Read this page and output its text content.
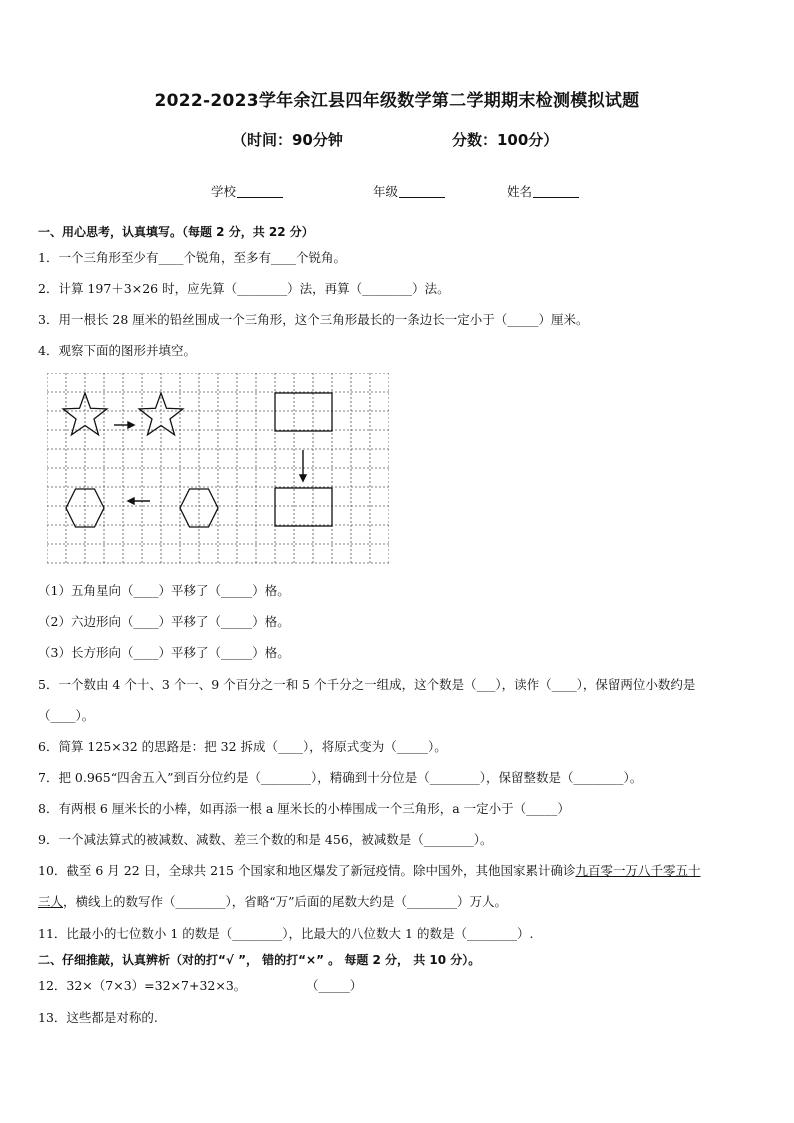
2022-2023学年余江县四年级数学第二学期期末检测模拟试题
（时间：90分钟	分数：100分）
学校	年级	姓名
一、用心思考，认真填写。（每题 2 分，共 22 分）
1．一个三角形至少有____个锐角，至多有____个锐角。
2．计算 197＋3×26 时，应先算（________）法，再算（________）法。
3．用一根长 28 厘米的铅丝围成一个三角形，这个三角形最长的一条边长一定小于（_____）厘米。
4．观察下面的图形并填空。
（1）五角星向（____）平移了（_____）格。
（2）六边形向（____）平移了（_____）格。
（3）长方形向（____）平移了（_____）格。
5．一个数由 4 个十、3 个一、9 个百分之一和 5 个千分之一组成，这个数是（___），读作（____），保留两位小数约是
（____）。
6．简算 125×32 的思路是：把 32 拆成（____），将原式变为（_____）。
7．把 0.965“四舍五入”到百分位约是（________），精确到十分位是（________），保留整数是（________）。
8．有两根 6 厘米长的小棒，如再添一根 a 厘米长的小棒围成一个三角形，a 一定小于（_____）
9．一个减法算式的被减数、减数、差三个数的和是 456，被减数是（________）。
10．截至 6 月 22 日，全球共 215 个国家和地区爆发了新冠疫情。除中国外，其他国家累计确诊九百零一万八千零五十
三人，横线上的数写作（________），省略“万”后面的尾数大约是（________）万人。
11．比最小的七位数小 1 的数是（________），比最大的八位数大 1 的数是（________）.
二、仔细推敲，认真辨析（对的打“√ ”， 错的打“×” 。 每题 2 分， 共 10 分）。
12．32×（7×3）=32×7+32×3。	（_____）
13．这些都是对称的.
